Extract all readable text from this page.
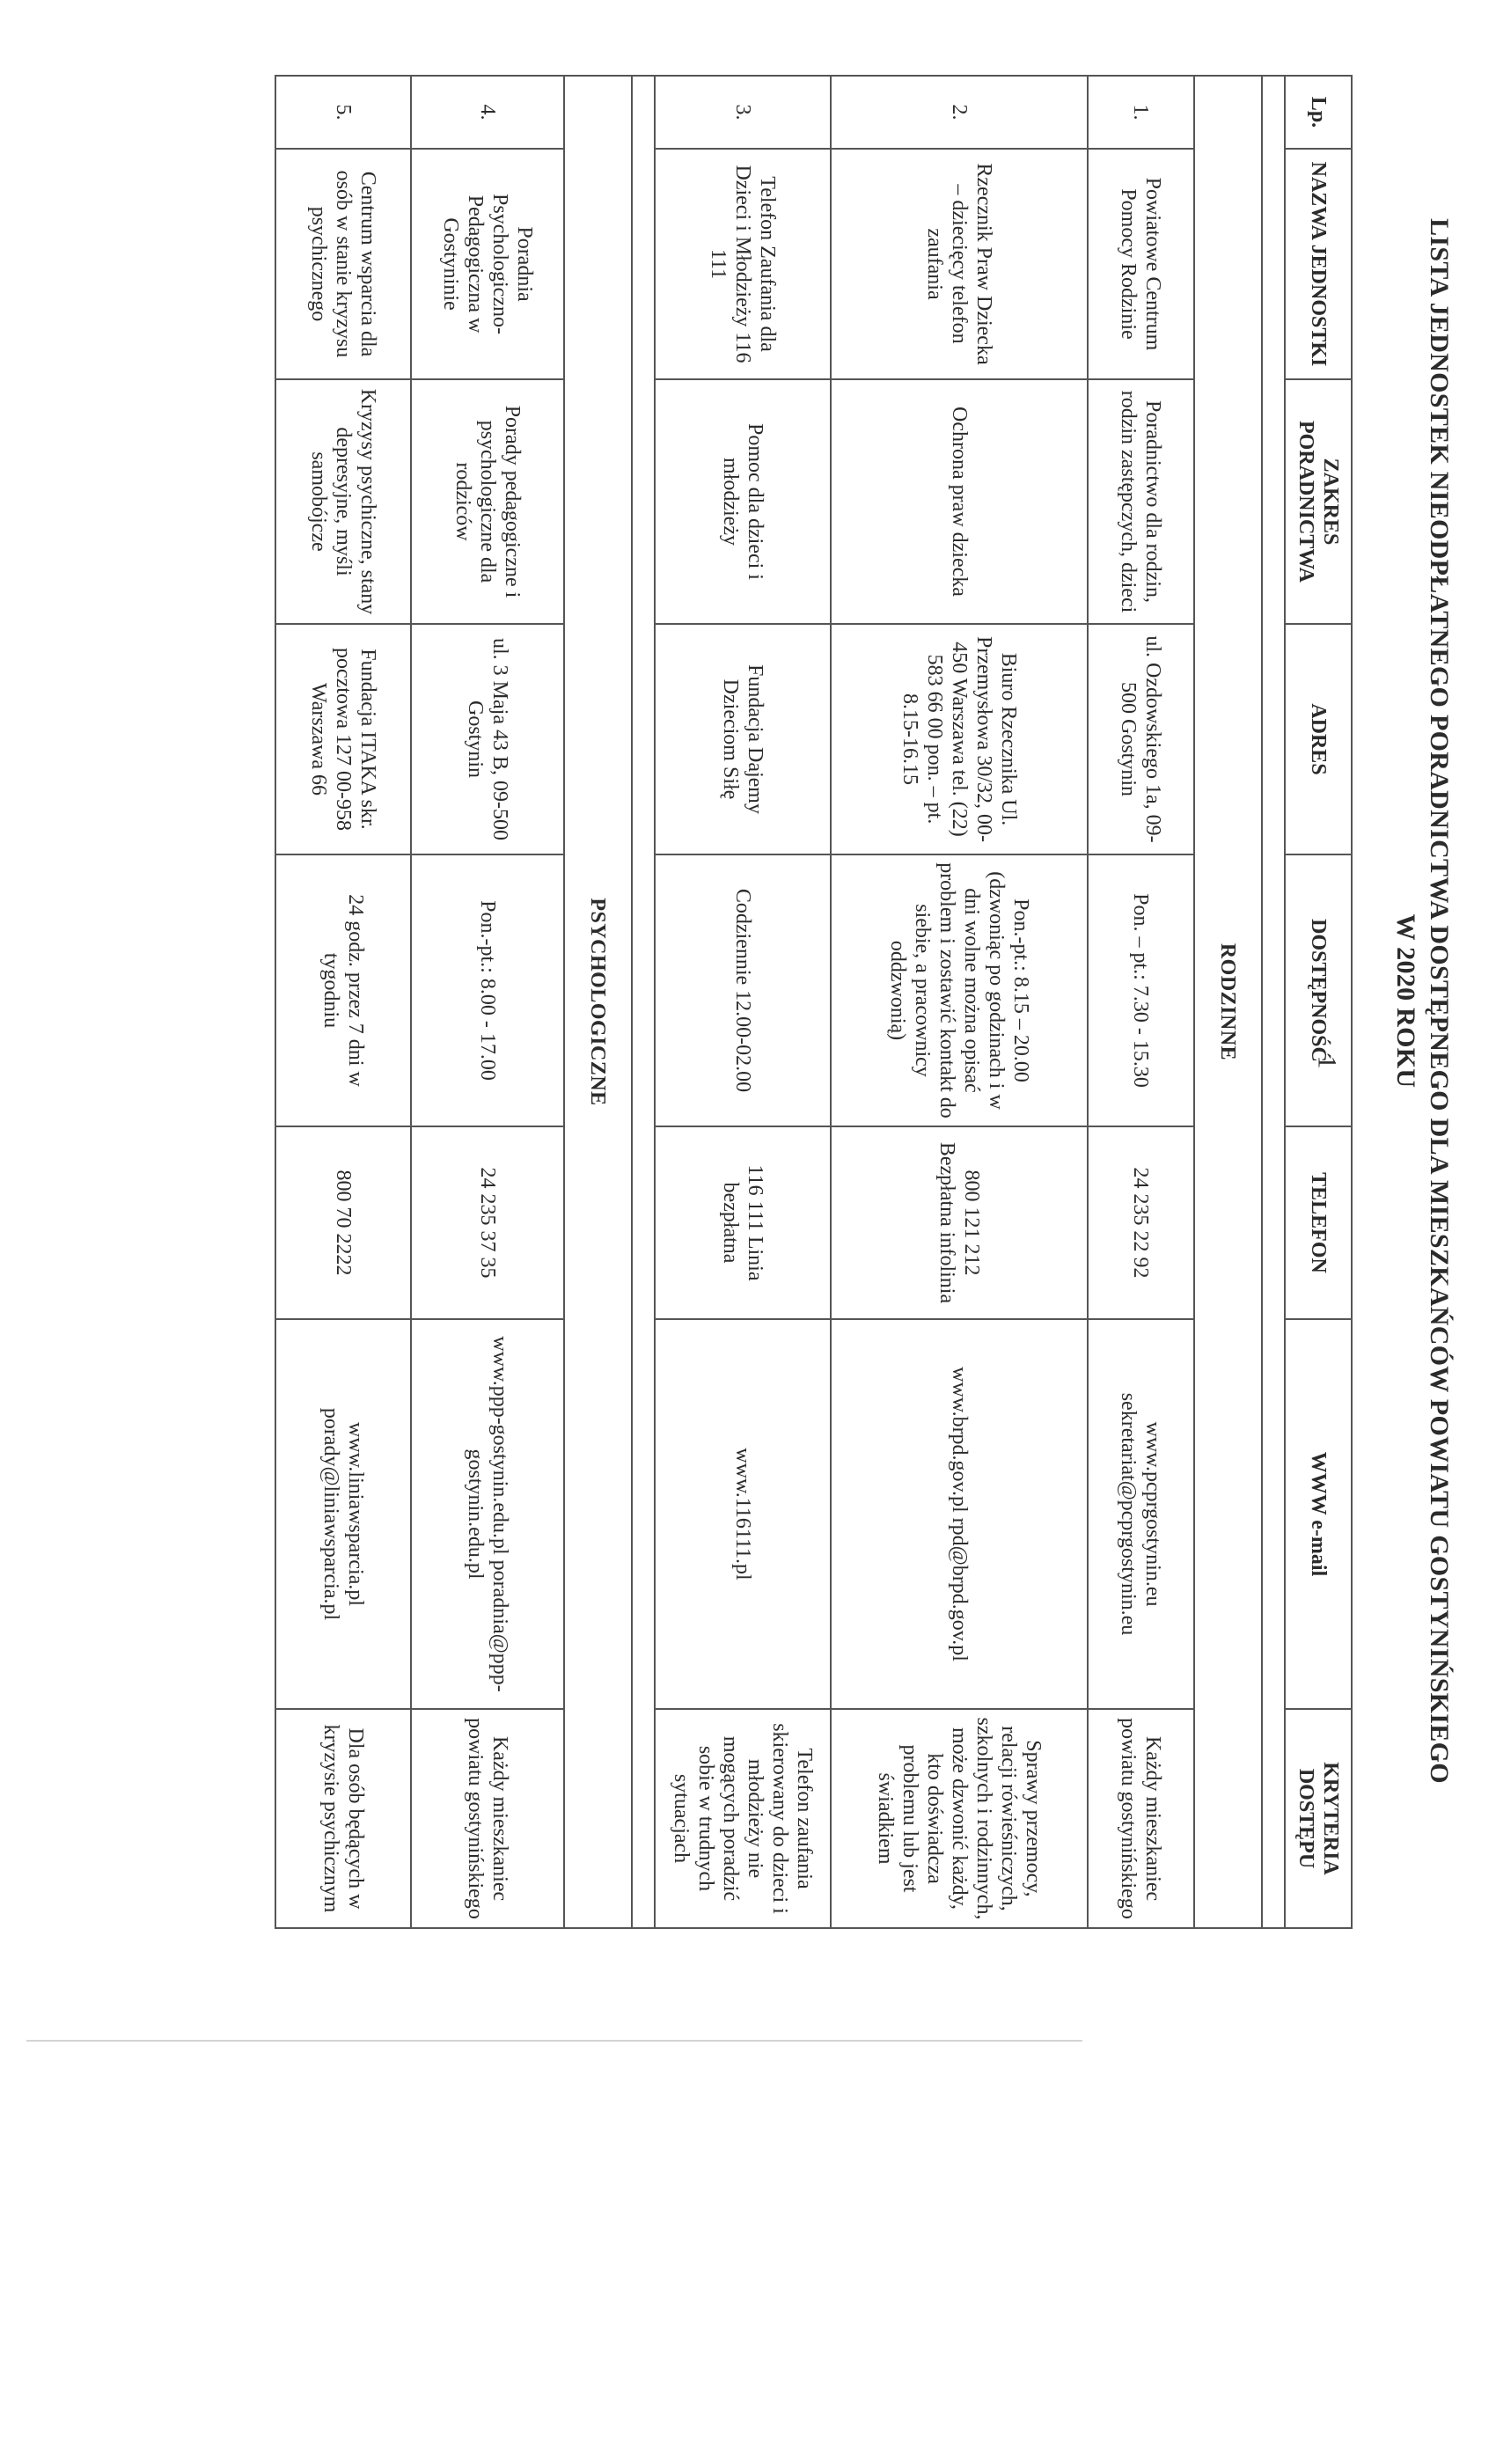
1	LISTA JEDNOSTEK NIEODPŁATNEGO PORADNICTWA DOSTĘPNEGO DLA MIESZKAŃCÓW POWIATU GOSTYNIŃSKIEGO
W 2020 ROKU
Lp.	NAZWA JEDNOSTKI	ZAKRES PORADNICTWA	ADRES	DOSTĘPNOŚĆ	TELEFON	WWW e-mail	KRYTERIA DOSTĘPU

RODZINNE							
1.	Powiatowe Centrum Pomocy Rodzinie	Poradnictwo dla rodzin, rodzin zastępczych, dzieci	ul. Ozdowskiego 1a, 09-500 Gostynin	Pon. – pt.: 7.30 - 15.30	24 235 22 92	www.pcprgostynin.eu sekretariat@pcprgostynin.eu	Każdy mieszkaniec powiatu gostynińskiego
2.	Rzecznik Praw Dziecka – dziecięcy telefon zaufania	Ochrona praw dziecka	Biuro Rzecznika Ul. Przemysłowa 30/32, 00-450 Warszawa tel. (22) 583 66 00 pon. – pt. 8.15-16.15	Pon.-pt.: 8.15 – 20.00 (dzwoniąc po godzinach i w dni wolne można opisać problem i zostawić kontakt do siebie, a pracownicy oddzwonią)	800 121 212 Bezpłatna infolinia	www.brpd.gov.pl rpd@brpd.gov.pl	Sprawy przemocy, relacji rówieśniczych, szkolnych i rodzinnych, może dzwonić każdy, kto doświadcza problemu lub jest świadkiem
3.	Telefon Zaufania dla Dzieci i Młodzieży 116 111	Pomoc dla dzieci i młodzieży	Fundacja Dajemy Dzieciom Siłę	Codziennie 12.00-02.00	116 111 Linia bezpłatna	www.116111.pl	Telefon zaufania skierowany do dzieci i młodzieży nie mogących poradzić sobie w trudnych sytuacjach

PSYCHOLOGICZNE							
4.	Poradnia Psychologiczno-Pedagogiczna w Gostyninie	Porady pedagogiczne i psychologiczne dla rodziców	ul. 3 Maja 43 B, 09-500 Gostynin	Pon.-pt.: 8.00 - 17.00	24 235 37 35	www.ppp-gostynin.edu.pl poradnia@ppp-gostynin.edu.pl	Każdy mieszkaniec powiatu gostynińskiego
5.	Centrum wsparcia dla osób w stanie kryzysu psychicznego	Kryzysy psychiczne, stany depresyjne, myśli samobójcze	Fundacja ITAKA skr. pocztowa 127 00-958 Warszawa 66	24 godz. przez 7 dni w tygodniu	800 70 2222	www.liniawsparcia.pl porady@liniawsparcia.pl	Dla osób będących w kryzysie psychicznym
